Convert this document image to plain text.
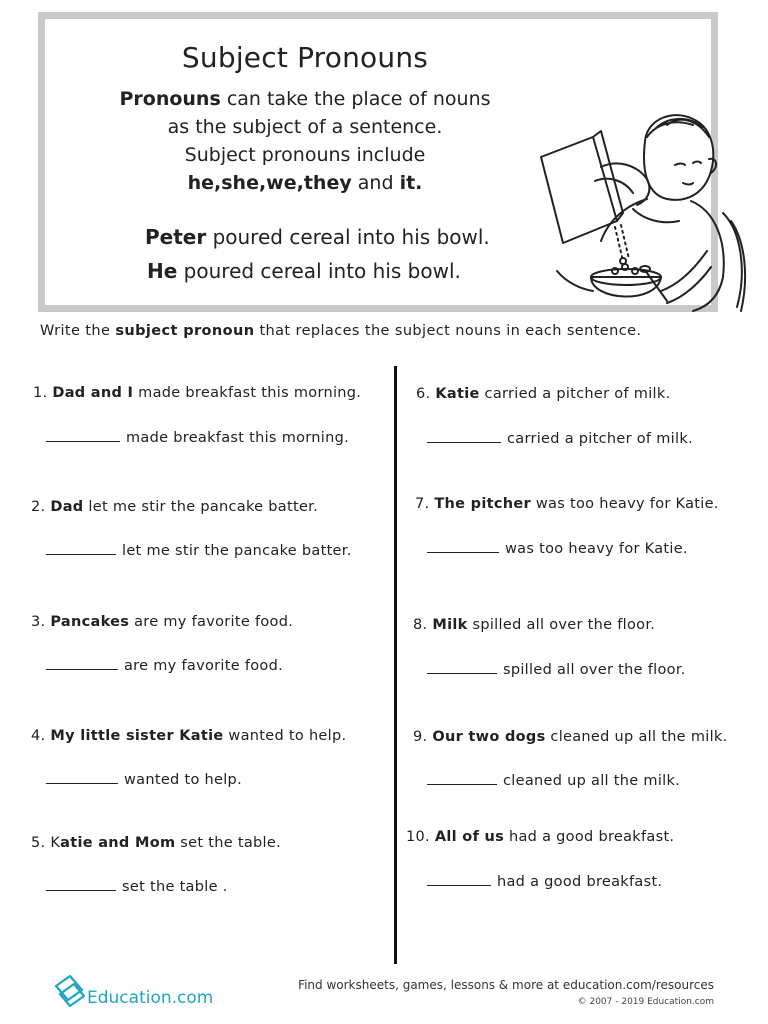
Subject Pronouns
Pronouns can take the place of nouns
as the subject of a sentence.
Subject pronouns include
he,she,we,they and it.
Peter poured cereal into his bowl.
He poured cereal into his bowl.
Write the subject pronoun that replaces the subject nouns in each sentence.
1. Dad and I made breakfast this morning.
made breakfast this morning.
2. Dad let me stir the pancake batter.
let me stir the pancake batter.
3. Pancakes are my favorite food.
are my favorite food.
4. My little sister Katie wanted to help.
wanted to help.
5. Katie and Mom set the table.
set the table .
6. Katie carried a pitcher of milk.
carried a pitcher of milk.
7. The pitcher was too heavy for Katie.
was too heavy for Katie.
8. Milk spilled all over the floor.
spilled all over the floor.
9. Our two dogs cleaned up all the milk.
cleaned up all the milk.
10. All of us had a good breakfast.
had a good breakfast.
Education.com
Find worksheets, games, lessons & more at education.com/resources
© 2007 - 2019 Education.com
